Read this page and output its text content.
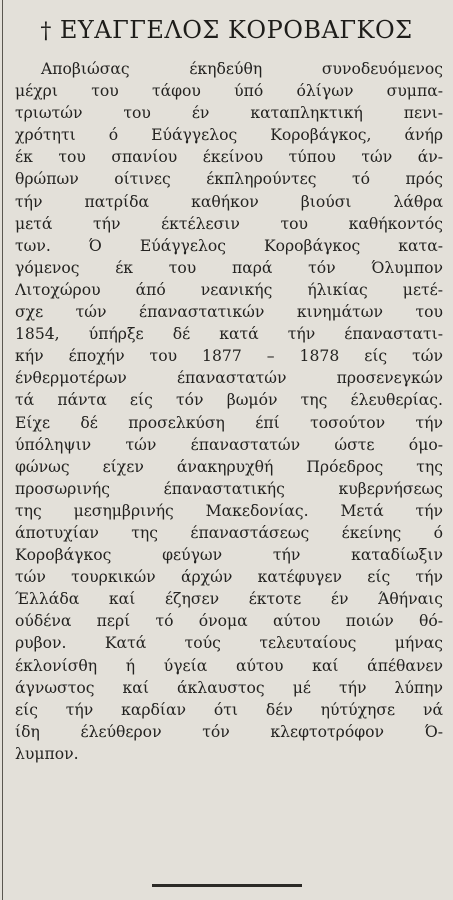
† ΕΥΑΓΓΕΛΟΣ ΚΟΡΟΒΑΓΚΟΣ
Αποβιώσας έκηδεύθη συνοδευόμενος
μέχρι του τάφου ύπό όλίγων συμπα-
τριωτών του έν καταπληκτική πενι-
χρότητι ό Εύάγγελος Κοροβάγκος, άνήρ
έκ του σπανίου έκείνου τύπου τών άν-
θρώπων οίτινες έκπληρούντες τό πρός
τήν πατρίδα καθήκον βιούσι λάθρα
μετά τήν έκτέλεσιν του καθήκοντός
των. Ό Εύάγγελος Κοροβάγκος κατα-
γόμενος έκ του παρά τόν Όλυμπον
Λιτοχώρου άπό νεανικής ήλικίας μετέ-
σχε τών έπαναστατικών κινημάτων του
1854, ύπήρξε δέ κατά τήν έπαναστατι-
κήν έποχήν του 1877 – 1878 είς τών
ένθερμοτέρων έπαναστατών προσενεγκών
τά πάντα είς τόν βωμόν της έλευθερίας.
Είχε δέ προσελκύση έπί τοσούτον τήν
ύπόληψιν τών έπαναστατών ώστε όμο-
φώνως είχεν άνακηρυχθή Πρόεδρος της
προσωρινής έπαναστατικής κυβερνήσεως
της μεσημβρινής Μακεδονίας. Μετά τήν
άποτυχίαν της έπαναστάσεως έκείνης ό
Κοροβάγκος φεύγων τήν καταδίωξιν
τών τουρκικών άρχών κατέφυγεν είς τήν
Έλλάδα καί έζησεν έκτοτε έν Άθήναις
ούδένα περί τό όνομα αύτου ποιών θό-
ρυβον. Κατά τούς τελευταίους μήνας
έκλονίσθη ή ύγεία αύτου καί άπέθανεν
άγνωστος καί άκλαυστος μέ τήν λύπην
είς τήν καρδίαν ότι δέν ηύτύχησε νά
ίδη έλεύθερον τόν κλεφτοτρόφον Ό-
λυμπον.
